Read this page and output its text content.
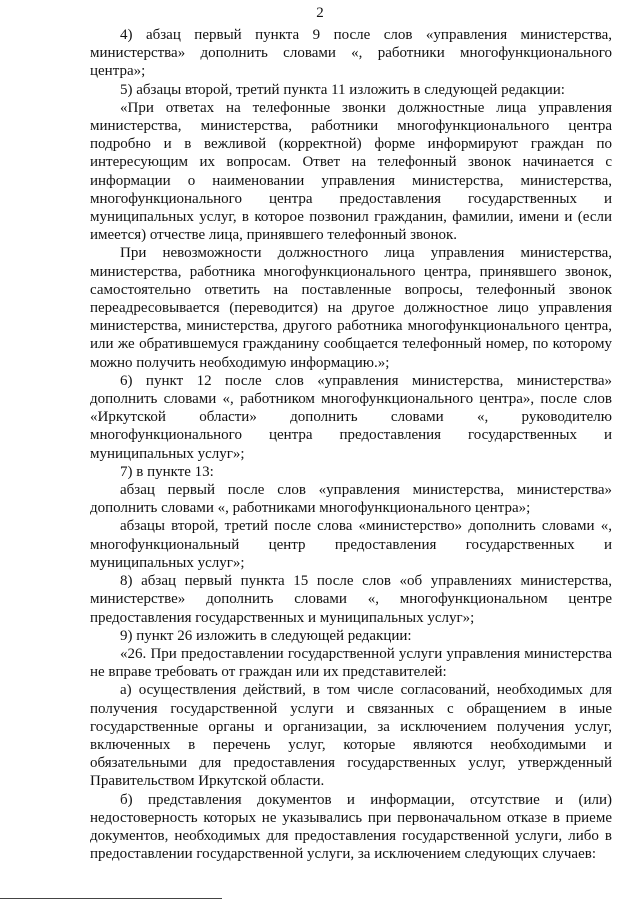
2

4) абзац первый пункта 9 после слов «управления министерства, министерства» дополнить словами «, работники многофункционального центра»;

5) абзацы второй, третий пункта 11 изложить в следующей редакции:

«При ответах на телефонные звонки должностные лица управления министерства, министерства, работники многофункционального центра подробно и в вежливой (корректной) форме информируют граждан по интересующим их вопросам. Ответ на телефонный звонок начинается с информации о наименовании управления министерства, министерства, многофункционального центра предоставления государственных и муниципальных услуг, в которое позвонил гражданин, фамилии, имени и (если имеется) отчестве лица, принявшего телефонный звонок.

При невозможности должностного лица управления министерства, министерства, работника многофункционального центра, принявшего звонок, самостоятельно ответить на поставленные вопросы, телефонный звонок переадресовывается (переводится) на другое должностное лицо управления министерства, министерства, другого работника многофункционального центра, или же обратившемуся гражданину сообщается телефонный номер, по которому можно получить необходимую информацию.»;

6) пункт 12 после слов «управления министерства, министерства» дополнить словами «, работником многофункционального центра», после слов «Иркутской области» дополнить словами «, руководителю многофункционального центра предоставления государственных и муниципальных услуг»;

7) в пункте 13:

абзац первый после слов «управления министерства, министерства» дополнить словами «, работниками многофункционального центра»;

абзацы второй, третий после слова «министерство» дополнить словами «, многофункциональный центр предоставления государственных и муниципальных услуг»;

8) абзац первый пункта 15 после слов «об управлениях министерства, министерстве» дополнить словами «, многофункциональном центре предоставления государственных и муниципальных услуг»;

9) пункт 26 изложить в следующей редакции:

«26. При предоставлении государственной услуги управления министерства не вправе требовать от граждан или их представителей:

а) осуществления действий, в том числе согласований, необходимых для получения государственной услуги и связанных с обращением в иные государственные органы и организации, за исключением получения услуг, включенных в перечень услуг, которые являются необходимыми и обязательными для предоставления государственных услуг, утвержденный Правительством Иркутской области.

б) представления документов и информации, отсутствие и (или) недостоверность которых не указывались при первоначальном отказе в приеме документов, необходимых для предоставления государственной услуги, либо в предоставлении государственной услуги, за исключением следующих случаев:
